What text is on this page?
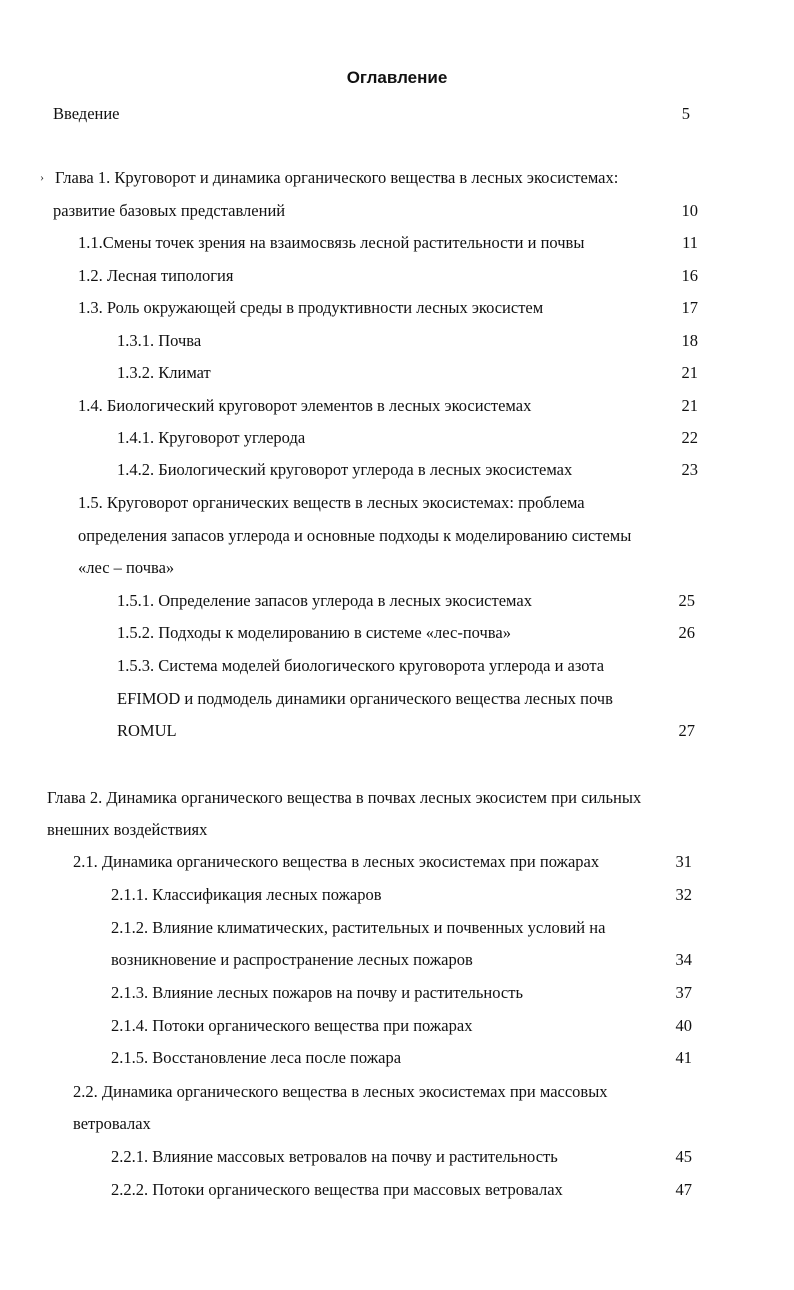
Оглавление
Введение	5
› Глава 1. Круговорот и динамика органического вещества в лесных экосистемах:
развитие базовых представлений	10
1.1.Смены точек зрения на взаимосвязь лесной растительности и почвы	11
1.2. Лесная типология	16
1.3. Роль окружающей среды в продуктивности лесных экосистем	17
1.3.1. Почва	18
1.3.2. Климат	21
1.4. Биологический круговорот элементов в лесных экосистемах	21
1.4.1. Круговорот углерода	22
1.4.2. Биологический круговорот углерода в лесных экосистемах	23
1.5. Круговорот органических веществ в лесных экосистемах: проблема
определения запасов углерода и основные подходы к моделированию системы
«лес – почва»
1.5.1. Определение запасов углерода в лесных экосистемах	25
1.5.2. Подходы к моделированию в системе «лес-почва»	26
1.5.3. Система моделей биологического круговорота углерода и азота
EFIMOD и подмодель динамики органического вещества лесных почв
ROMUL	27
Глава 2. Динамика органического вещества в почвах лесных экосистем при сильных
внешних воздействиях
2.1. Динамика органического вещества в лесных экосистемах при пожарах	31
2.1.1. Классификация лесных пожаров	32
2.1.2. Влияние климатических, растительных и почвенных условий на
возникновение и распространение лесных пожаров	34
2.1.3. Влияние лесных пожаров на почву и растительность	37
2.1.4. Потоки органического вещества при пожарах	40
2.1.5. Восстановление леса после пожара	41
2.2. Динамика органического вещества в лесных экосистемах при массовых
ветровалах
2.2.1. Влияние массовых ветровалов на почву и растительность	45
2.2.2. Потоки органического вещества при массовых ветровалах	47
